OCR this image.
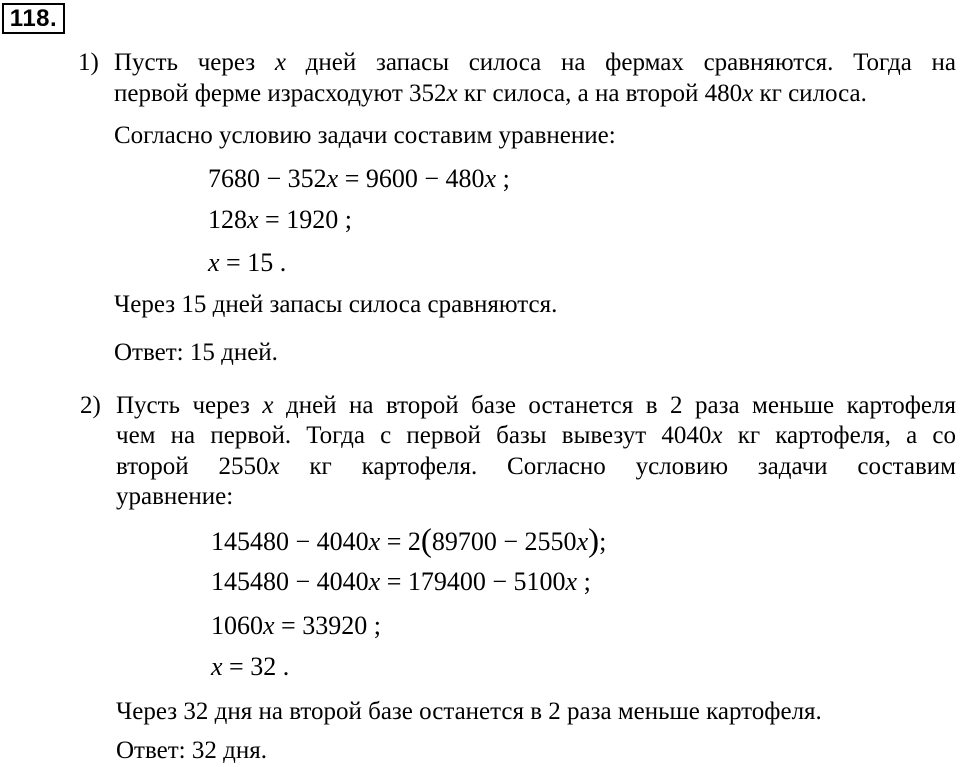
118.
1) Пусть через x дней запасы силоса на фермах сравняются. Тогда на
первой ферме израсходуют 352x кг силоса, а на второй 480x кг силоса.
Согласно условию задачи составим уравнение:
7680 − 352x = 9600 − 480x ;
128x = 1920 ;
x = 15 .
Через 15 дней запасы силоса сравняются.
Ответ: 15 дней.
2) Пусть через x дней на второй базе останется в 2 раза меньше картофеля
чем на первой. Тогда с первой базы вывезут 4040x кг картофеля, а со
второй 2550x кг картофеля. Согласно условию задачи составим
уравнение:
145480 − 4040x = 2(89700 − 2550x);
145480 − 4040x = 179400 − 5100x ;
1060x = 33920 ;
x = 32 .
Через 32 дня на второй базе останется в 2 раза меньше картофеля.
Ответ: 32 дня.
